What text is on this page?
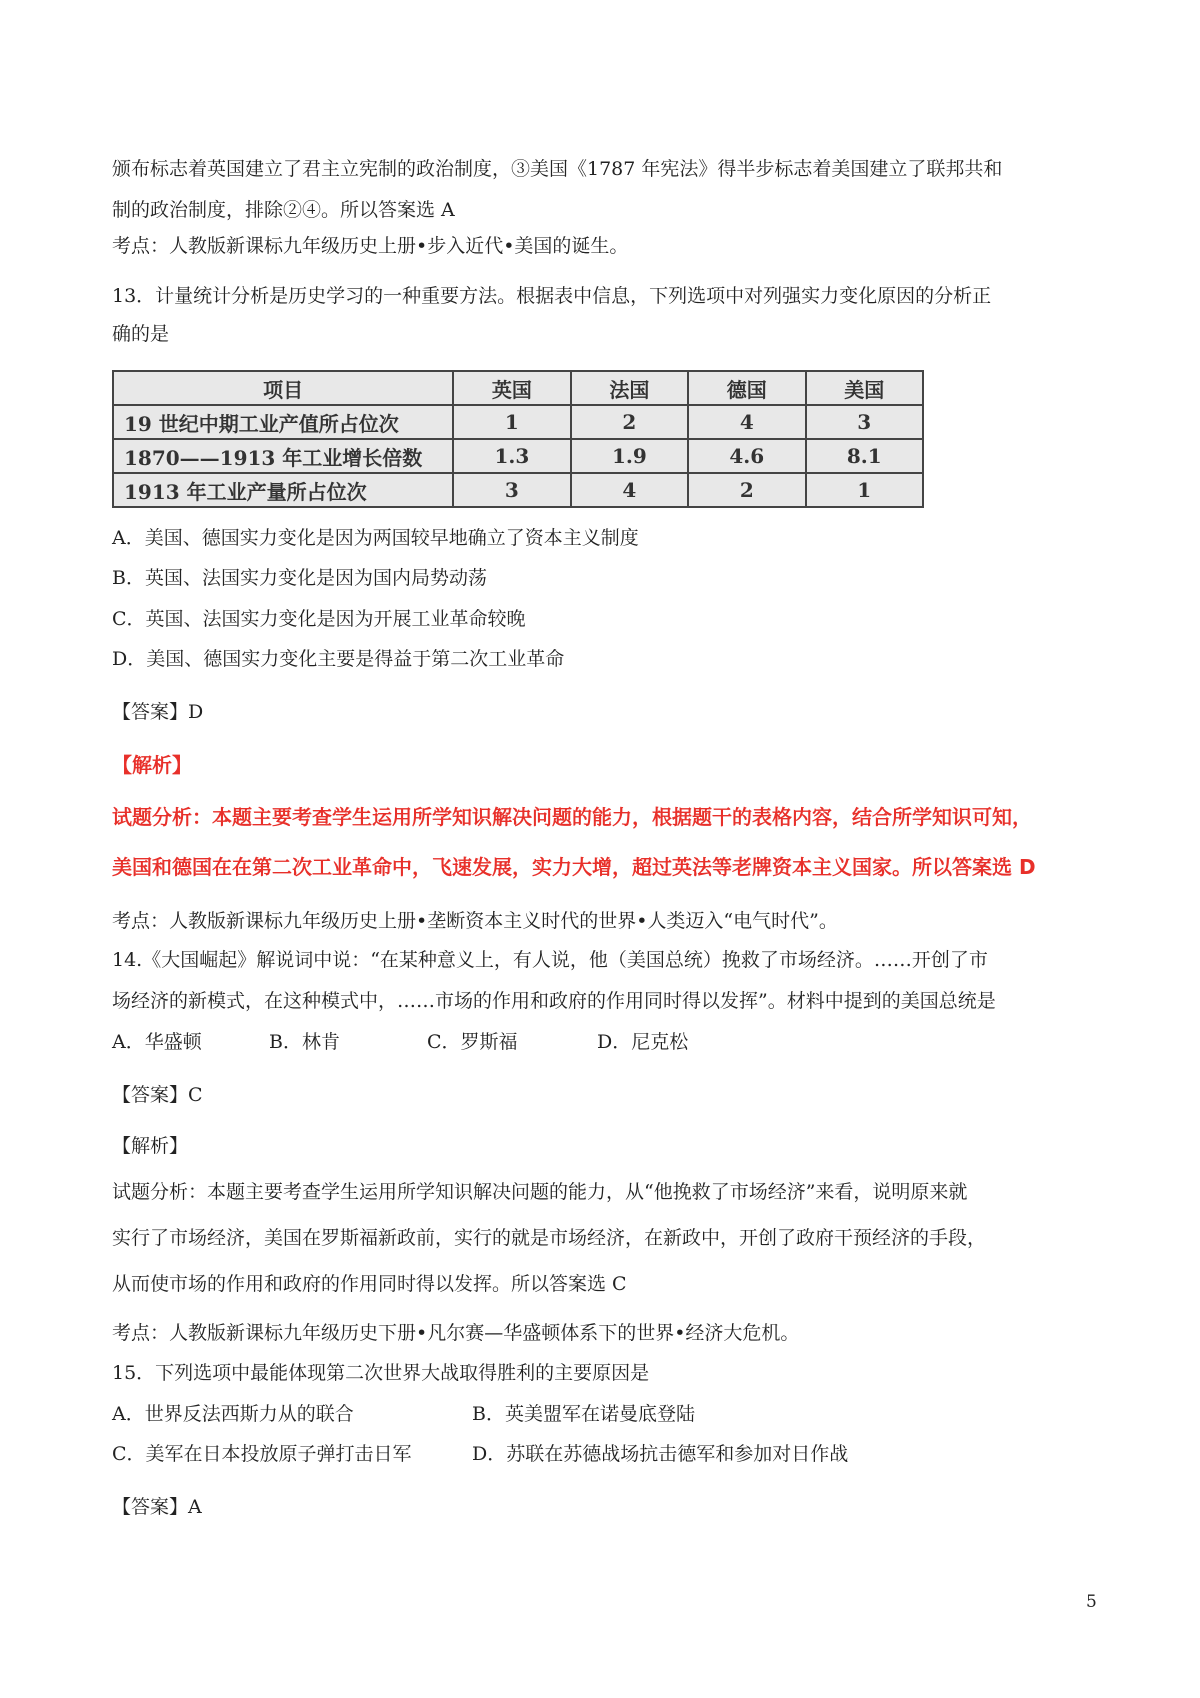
颁布标志着英国建立了君主立宪制的政治制度，③美国《1787 年宪法》得半步标志着美国建立了联邦共和
制的政治制度，排除②④。所以答案选 A
考点：人教版新课标九年级历史上册•步入近代•美国的诞生。
13．计量统计分析是历史学习的一种重要方法。根据表中信息，下列选项中对列强实力变化原因的分析正
确的是
项目	英国	法国	德国	美国
19 世纪中期工业产值所占位次	1	2	4	3
1870——1913 年工业增长倍数	1.3	1.9	4.6	8.1
1913 年工业产量所占位次	3	4	2	1
A．美国、德国实力变化是因为两国较早地确立了资本主义制度
B．英国、法国实力变化是因为国内局势动荡
C．英国、法国实力变化是因为开展工业革命较晚
D．美国、德国实力变化主要是得益于第二次工业革命
【答案】D
【解析】
试题分析：本题主要考查学生运用所学知识解决问题的能力，根据题干的表格内容，结合所学知识可知，
美国和德国在在第二次工业革命中，飞速发展，实力大增，超过英法等老牌资本主义国家。所以答案选 D
考点：人教版新课标九年级历史上册•垄断资本主义时代的世界•人类迈入“电气时代”。
14.《大国崛起》解说词中说：“在某种意义上，有人说，他（美国总统）挽救了市场经济。……开创了市
场经济的新模式，在这种模式中，……市场的作用和政府的作用同时得以发挥”。材料中提到的美国总统是
A．华盛顿	B．林肯	C．罗斯福	D．尼克松
【答案】C
【解析】
试题分析：本题主要考查学生运用所学知识解决问题的能力，从“他挽救了市场经济”来看，说明原来就
实行了市场经济，美国在罗斯福新政前，实行的就是市场经济，在新政中，开创了政府干预经济的手段，
从而使市场的作用和政府的作用同时得以发挥。所以答案选 C
考点：人教版新课标九年级历史下册•凡尔赛—华盛顿体系下的世界•经济大危机。
15．下列选项中最能体现第二次世界大战取得胜利的主要原因是
A．世界反法西斯力从的联合	B．英美盟军在诺曼底登陆
C．美军在日本投放原子弹打击日军	D．苏联在苏德战场抗击德军和参加对日作战
【答案】A
5
